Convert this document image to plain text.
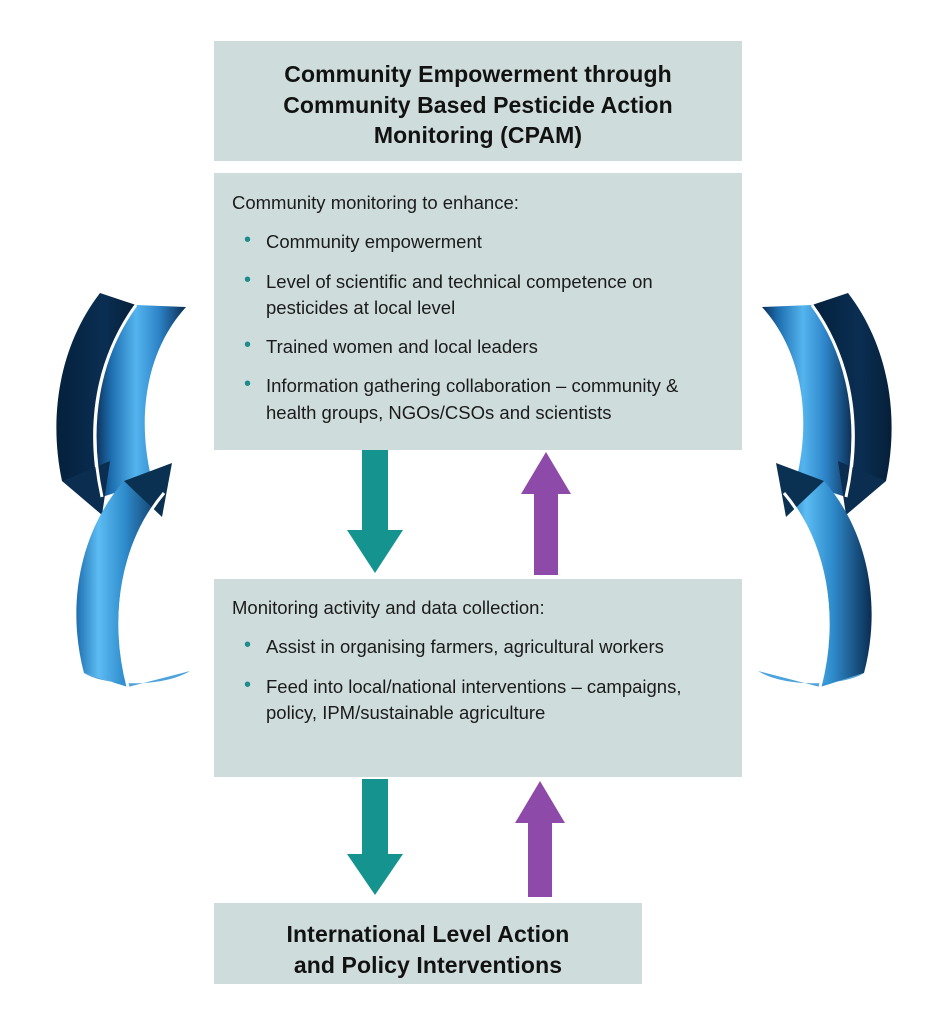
Community Empowerment through
Community Based Pesticide Action
Monitoring (CPAM)

Community monitoring to enhance:

• Community empowerment
• Level of scientific and technical competence on pesticides at local level
• Trained women and local leaders
• Information gathering collaboration – community & health groups, NGOs/CSOs and scientists

Monitoring activity and data collection:

• Assist in organising farmers, agricultural workers
• Feed into local/national interventions – campaigns, policy, IPM/sustainable agriculture
International Level Action
and Policy Interventions
